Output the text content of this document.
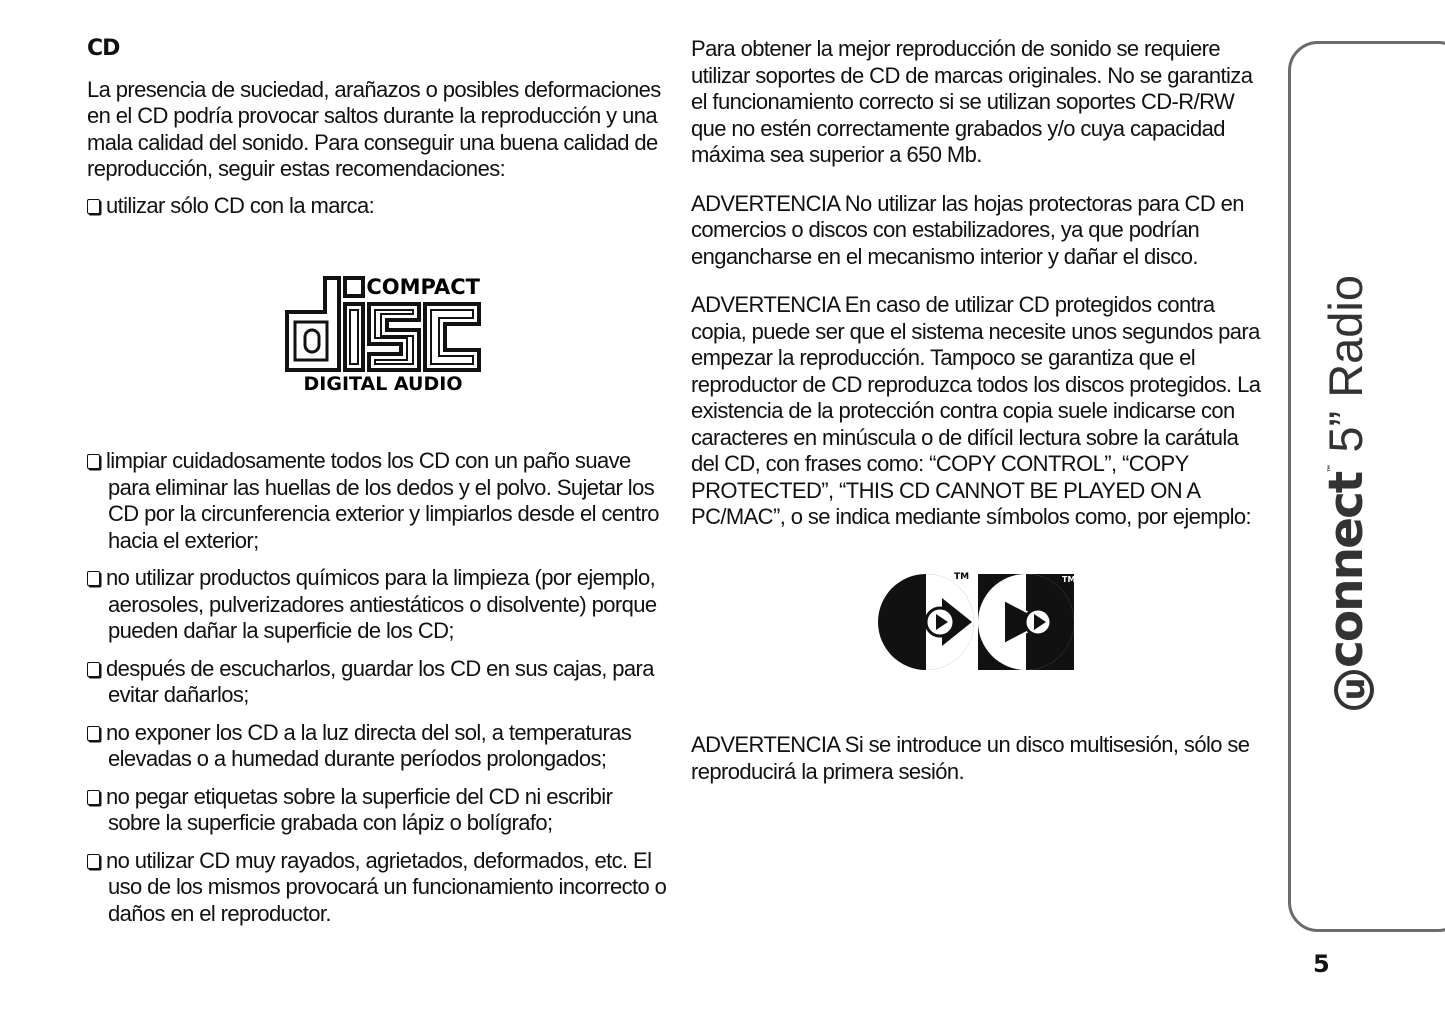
CD

La presencia de suciedad, arañazos o posibles deformaciones en el CD podría provocar saltos durante la reproducción y una mala calidad del sonido. Para conseguir una buena calidad de reproducción, seguir estas recomendaciones:

utilizar sólo CD con la marca:

COMPACT
DIGITAL AUDIO

limpiar cuidadosamente todos los CD con un paño suave para eliminar las huellas de los dedos y el polvo. Sujetar los CD por la circunferencia exterior y limpiarlos desde el centro hacia el exterior;

no utilizar productos químicos para la limpieza (por ejemplo, aerosoles, pulverizadores antiestáticos o disolvente) porque pueden dañar la superficie de los CD;

después de escucharlos, guardar los CD en sus cajas, para evitar dañarlos;

no exponer los CD a la luz directa del sol, a temperaturas elevadas o a humedad durante períodos prolongados;

no pegar etiquetas sobre la superficie del CD ni escribir sobre la superficie grabada con lápiz o bolígrafo;

no utilizar CD muy rayados, agrietados, deformados, etc. El uso de los mismos provocará un funcionamiento incorrecto o daños en el reproductor.

Para obtener la mejor reproducción de sonido se requiere utilizar soportes de CD de marcas originales. No se garantiza el funcionamiento correcto si se utilizan soportes CD-R/RW que no estén correctamente grabados y/o cuya capacidad máxima sea superior a 650 Mb.

ADVERTENCIA No utilizar las hojas protectoras para CD en comercios o discos con estabilizadores, ya que podrían engancharse en el mecanismo interior y dañar el disco.

ADVERTENCIA En caso de utilizar CD protegidos contra copia, puede ser que el sistema necesite unos segundos para empezar la reproducción. Tampoco se garantiza que el reproductor de CD reproduzca todos los discos protegidos. La existencia de la protección contra copia suele indicarse con caracteres en minúscula o de difícil lectura sobre la carátula del CD, con frases como: “COPY CONTROL”, “COPY PROTECTED”, “THIS CD CANNOT BE PLAYED ON A PC/MAC”, o se indica mediante símbolos como, por ejemplo:

TM	TM

ADVERTENCIA Si se introduce un disco multisesión, sólo se reproducirá la primera sesión.

uconnect™ 5” Radio
5
